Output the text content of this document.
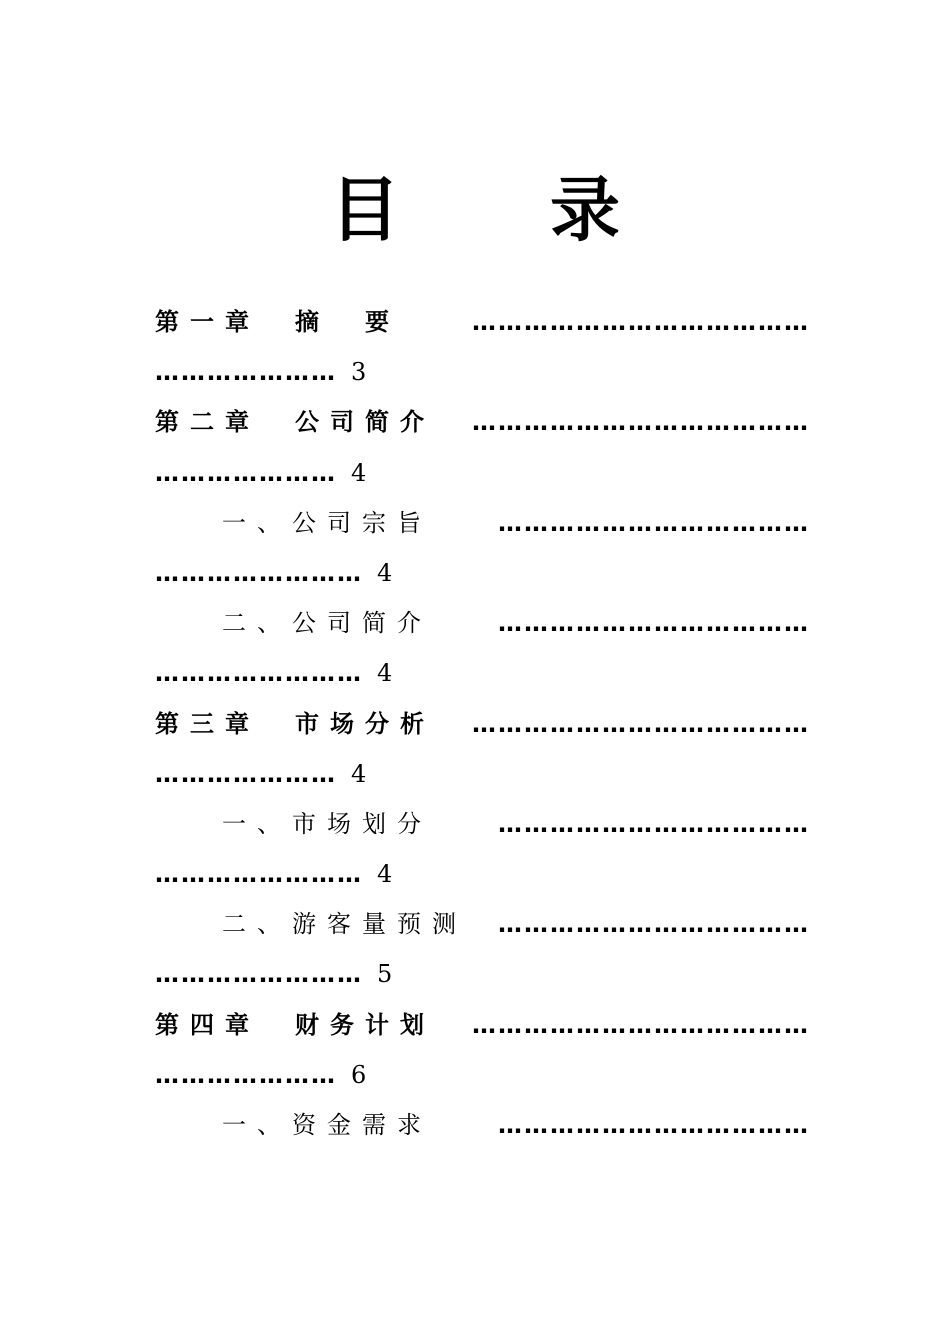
目 录
第一章　摘　要	…………………………………
………………… 3
第二章　公司简介 …………………………………
………………… 4
一、公司宗旨	………………………………
…………………… 4
二、公司简介	………………………………
…………………… 4
第三章　市场分析 …………………………………
………………… 4
一、市场划分	………………………………
…………………… 4
二、游客量预测 ………………………………
…………………… 5
第四章　财务计划 …………………………………
………………… 6
一、资金需求	………………………………
